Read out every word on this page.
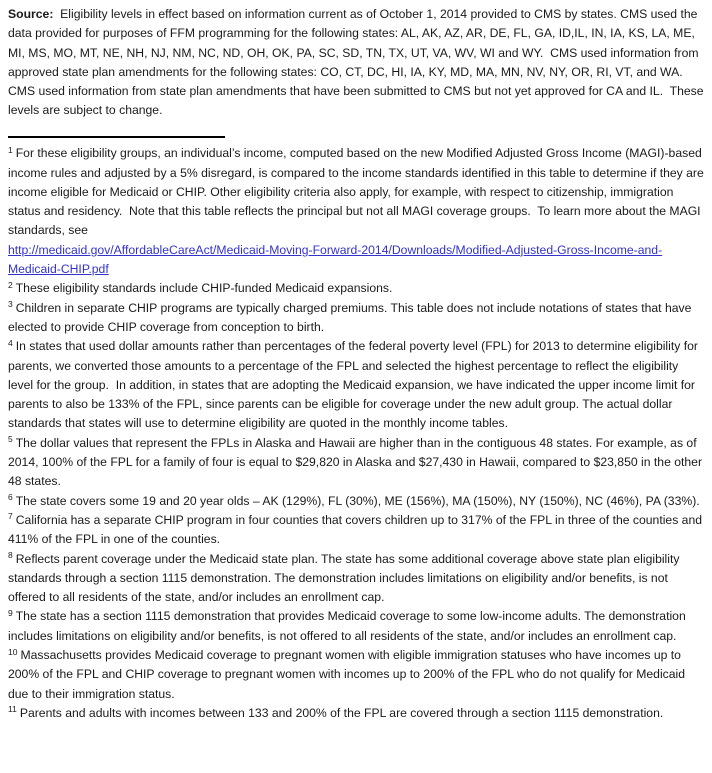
Source:  Eligibility levels in effect based on information current as of October 1, 2014 provided to CMS by states. CMS used the data provided for purposes of FFM programming for the following states: AL, AK, AZ, AR, DE, FL, GA, ID,IL, IN, IA, KS, LA, ME, MI, MS, MO, MT, NE, NH, NJ, NM, NC, ND, OH, OK, PA, SC, SD, TN, TX, UT, VA, WV, WI and WY.  CMS used information from approved state plan amendments for the following states: CO, CT, DC, HI, IA, KY, MD, MA, MN, NV, NY, OR, RI, VT, and WA. CMS used information from state plan amendments that have been submitted to CMS but not yet approved for CA and IL.  These levels are subject to change.

$^1$ For these eligibility groups, an individual’s income, computed based on the new Modified Adjusted Gross Income (MAGI)-based income rules and adjusted by a 5% disregard, is compared to the income standards identified in this table to determine if they are income eligible for Medicaid or CHIP. Other eligibility criteria also apply, for example, with respect to citizenship, immigration status and residency.  Note that this table reflects the principal but not all MAGI coverage groups.  To learn more about the MAGI standards, see
http://medicaid.gov/AffordableCareAct/Medicaid-Moving-Forward-2014/Downloads/Modified-Adjusted-Gross-Income-and-Medicaid-CHIP.pdf

$^2$ These eligibility standards include CHIP-funded Medicaid expansions.

$^3$ Children in separate CHIP programs are typically charged premiums. This table does not include notations of states that have elected to provide CHIP coverage from conception to birth.

$^4$ In states that used dollar amounts rather than percentages of the federal poverty level (FPL) for 2013 to determine eligibility for parents, we converted those amounts to a percentage of the FPL and selected the highest percentage to reflect the eligibility level for the group.  In addition, in states that are adopting the Medicaid expansion, we have indicated the upper income limit for parents to also be 133% of the FPL, since parents can be eligible for coverage under the new adult group. The actual dollar standards that states will use to determine eligibility are quoted in the monthly income tables.

$^5$ The dollar values that represent the FPLs in Alaska and Hawaii are higher than in the contiguous 48 states. For example, as of 2014, 100% of the FPL for a family of four is equal to $29,820 in Alaska and $27,430 in Hawaii, compared to $23,850 in the other 48 states.

$^6$ The state covers some 19 and 20 year olds – AK (129%), FL (30%), ME (156%), MA (150%), NY (150%), NC (46%), PA (33%).

$^7$ California has a separate CHIP program in four counties that covers children up to 317% of the FPL in three of the counties and 411% of the FPL in one of the counties.

$^8$ Reflects parent coverage under the Medicaid state plan. The state has some additional coverage above state plan eligibility standards through a section 1115 demonstration. The demonstration includes limitations on eligibility and/or benefits, is not offered to all residents of the state, and/or includes an enrollment cap.

$^9$ The state has a section 1115 demonstration that provides Medicaid coverage to some low-income adults. The demonstration includes limitations on eligibility and/or benefits, is not offered to all residents of the state, and/or includes an enrollment cap.

$^{10}$ Massachusetts provides Medicaid coverage to pregnant women with eligible immigration statuses who have incomes up to 200% of the FPL and CHIP coverage to pregnant women with incomes up to 200% of the FPL who do not qualify for Medicaid due to their immigration status.

$^{11}$ Parents and adults with incomes between 133 and 200% of the FPL are covered through a section 1115 demonstration.
